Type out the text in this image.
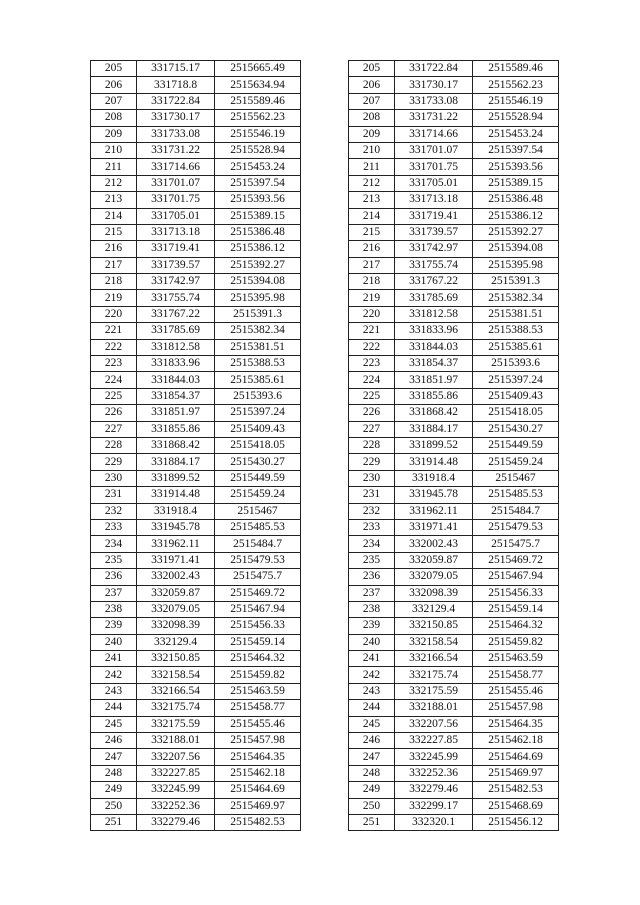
205	331715.17	2515665.49
206	331718.8	2515634.94
207	331722.84	2515589.46
208	331730.17	2515562.23
209	331733.08	2515546.19
210	331731.22	2515528.94
211	331714.66	2515453.24
212	331701.07	2515397.54
213	331701.75	2515393.56
214	331705.01	2515389.15
215	331713.18	2515386.48
216	331719.41	2515386.12
217	331739.57	2515392.27
218	331742.97	2515394.08
219	331755.74	2515395.98
220	331767.22	2515391.3
221	331785.69	2515382.34
222	331812.58	2515381.51
223	331833.96	2515388.53
224	331844.03	2515385.61
225	331854.37	2515393.6
226	331851.97	2515397.24
227	331855.86	2515409.43
228	331868.42	2515418.05
229	331884.17	2515430.27
230	331899.52	2515449.59
231	331914.48	2515459.24
232	331918.4	2515467
233	331945.78	2515485.53
234	331962.11	2515484.7
235	331971.41	2515479.53
236	332002.43	2515475.7
237	332059.87	2515469.72
238	332079.05	2515467.94
239	332098.39	2515456.33
240	332129.4	2515459.14
241	332150.85	2515464.32
242	332158.54	2515459.82
243	332166.54	2515463.59
244	332175.74	2515458.77
245	332175.59	2515455.46
246	332188.01	2515457.98
247	332207.56	2515464.35
248	332227.85	2515462.18
249	332245.99	2515464.69
250	332252.36	2515469.97
251	332279.46	2515482.53
205	331722.84	2515589.46
206	331730.17	2515562.23
207	331733.08	2515546.19
208	331731.22	2515528.94
209	331714.66	2515453.24
210	331701.07	2515397.54
211	331701.75	2515393.56
212	331705.01	2515389.15
213	331713.18	2515386.48
214	331719.41	2515386.12
215	331739.57	2515392.27
216	331742.97	2515394.08
217	331755.74	2515395.98
218	331767.22	2515391.3
219	331785.69	2515382.34
220	331812.58	2515381.51
221	331833.96	2515388.53
222	331844.03	2515385.61
223	331854.37	2515393.6
224	331851.97	2515397.24
225	331855.86	2515409.43
226	331868.42	2515418.05
227	331884.17	2515430.27
228	331899.52	2515449.59
229	331914.48	2515459.24
230	331918.4	2515467
231	331945.78	2515485.53
232	331962.11	2515484.7
233	331971.41	2515479.53
234	332002.43	2515475.7
235	332059.87	2515469.72
236	332079.05	2515467.94
237	332098.39	2515456.33
238	332129.4	2515459.14
239	332150.85	2515464.32
240	332158.54	2515459.82
241	332166.54	2515463.59
242	332175.74	2515458.77
243	332175.59	2515455.46
244	332188.01	2515457.98
245	332207.56	2515464.35
246	332227.85	2515462.18
247	332245.99	2515464.69
248	332252.36	2515469.97
249	332279.46	2515482.53
250	332299.17	2515468.69
251	332320.1	2515456.12
